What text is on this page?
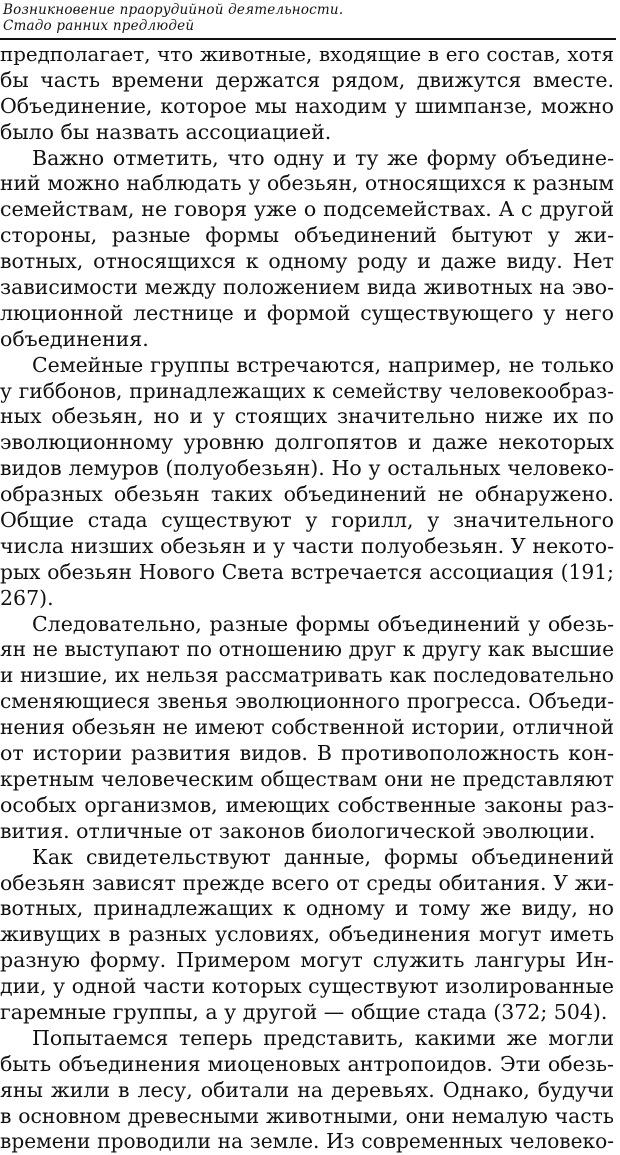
Возникновение праорудийной деятельности.
Стадо ранних предлюдей
предполагает, что животные, входящие в его состав, хотя
бы часть времени держатся рядом, движутся вместе.
Объединение, которое мы находим у шимпанзе, можно
было бы назвать ассоциацией.
Важно отметить, что одну и ту же форму объедине-
ний можно наблюдать у обезьян, относящихся к разным
семействам, не говоря уже о подсемействах. А с другой
стороны, разные формы объединений бытуют у жи-
вотных, относящихся к одному роду и даже виду. Нет
зависимости между положением вида животных на эво-
люционной лестнице и формой существующего у него
объединения.
Семейные группы встречаются, например, не только
у гиббонов, принадлежащих к семейству человекообраз-
ных обезьян, но и у стоящих значительно ниже их по
эволюционному уровню долгопятов и даже некоторых
видов лемуров (полуобезьян). Но у остальных человеко-
образных обезьян таких объединений не обнаружено.
Общие стада существуют у горилл, у значительного
числа низших обезьян и у части полуобезьян. У некото-
рых обезьян Нового Света встречается ассоциация (191;
267).
Следовательно, разные формы объединений у обезь-
ян не выступают по отношению друг к другу как высшие
и низшие, их нельзя рассматривать как последовательно
сменяющиеся звенья эволюционного прогресса. Объеди-
нения обезьян не имеют собственной истории, отличной
от истории развития видов. В противоположность кон-
кретным человеческим обществам они не представляют
особых организмов, имеющих собственные законы раз-
вития. отличные от законов биологической эволюции.
Как свидетельствуют данные, формы объединений
обезьян зависят прежде всего от среды обитания. У жи-
вотных, принадлежащих к одному и тому же виду, но
живущих в разных условиях, объединения могут иметь
разную форму. Примером могут служить лангуры Ин-
дии, у одной части которых существуют изолированные
гаремные группы, а у другой — общие стада (372; 504).
Попытаемся теперь представить, какими же могли
быть объединения миоценовых антропоидов. Эти обезь-
яны жили в лесу, обитали на деревьях. Однако, будучи
в основном древесными животными, они немалую часть
времени проводили на земле. Из современных человеко-
